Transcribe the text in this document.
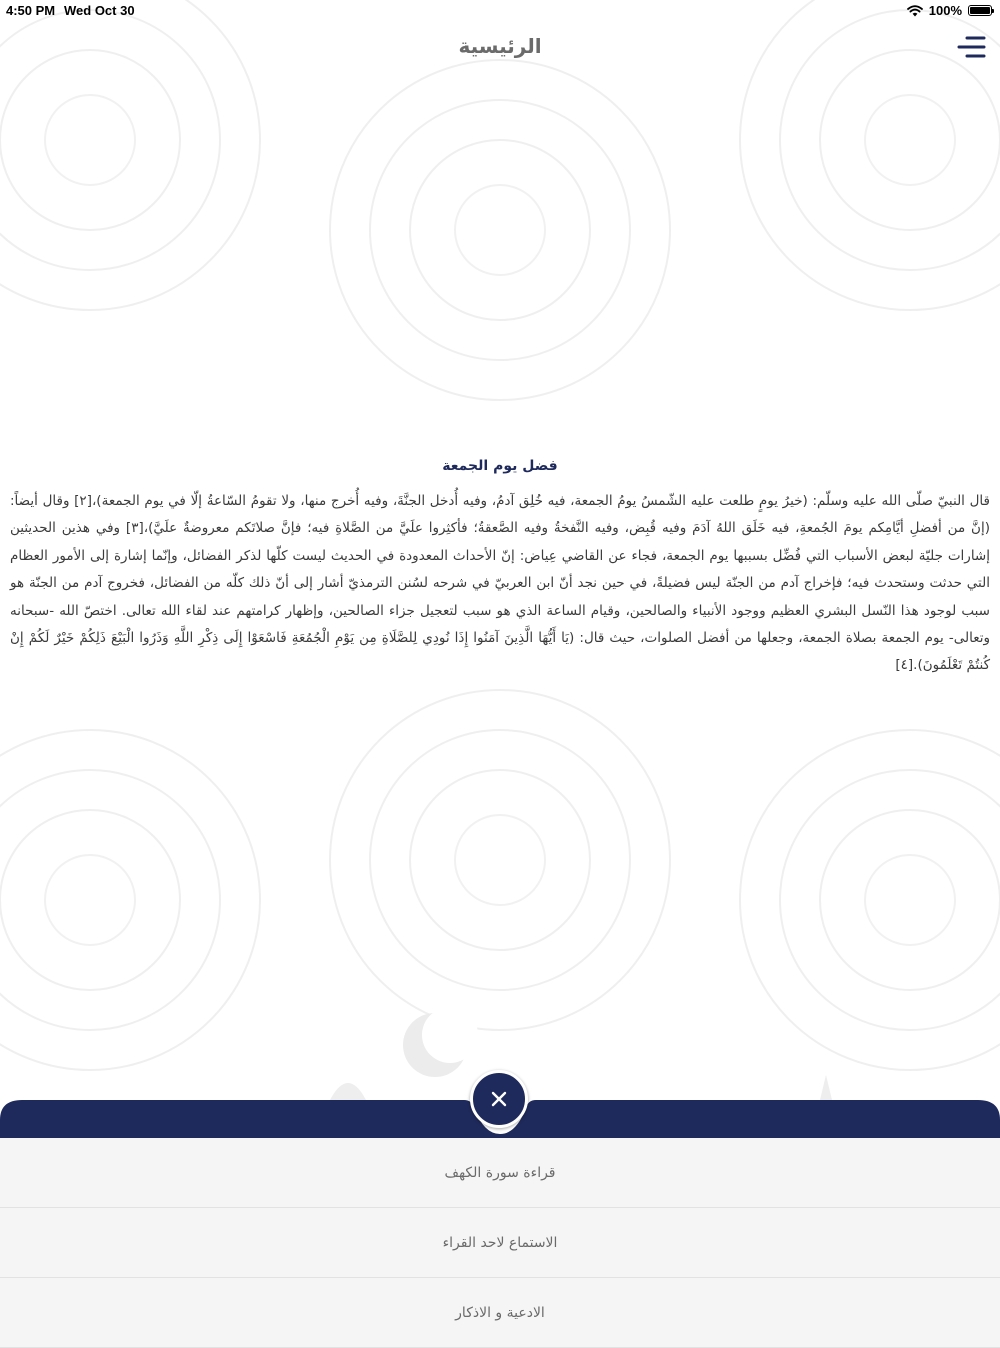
4:50 PM Wed Oct 30	100%
الرئيسية
فضل يوم الجمعة

قال النبيّ صلّى الله عليه وسلّم: (خيرُ يومٍ طلعت عليه الشّمسُ يومُ الجمعة، فيه خُلِق آدمُ، وفيه أُدخل الجنَّةَ، وفيه أُخرج منها، ولا تقومُ السّاعةُ إلّا في يوم الجمعة)،[٢] وقال أيضاً: (إنَّ من أفضلِ أيَّامِكم يومَ الجُمعةِ، فيه خَلَق اللهُ آدَمَ وفيه قُبِض، وفيه النَّفخةُ وفيه الصَّعقةُ؛ فأكثِروا علَيَّ من الصَّلاةِ فيه؛ فإنَّ صلاتَكم معروضةٌ علَيَّ)،[٣] وفي هذين الحديثين إشارات جليّة لبعض الأسباب التي فُضِّل بسببها يوم الجمعة، فجاء عن القاضي عِياض: إنّ الأحداث المعدودة في الحديث ليست كلّها لذكر الفضائل، وإنّما إشارة إلى الأمور العظام التي حدثت وستحدث فيه؛ فإخراج آدم من الجنّة ليس فضيلةً، في حين نجد أنّ ابن العربيّ في شرحه لسُنن الترمذيّ أشار إلى أنّ ذلك كلّه من الفضائل، فخروج آدم من الجنّة هو سبب لوجود هذا النّسل البشري العظيم ووجود الأنبياء والصالحين، وقيام الساعة الذي هو سبب لتعجيل جزاء الصالحين، وإظهار كرامتهم عند لقاء الله تعالى. اختصّ الله -سبحانه وتعالى- يوم الجمعة بصلاة الجمعة، وجعلها من أفضل الصلوات، حيث قال: (يَا أَيُّهَا الَّذِينَ آمَنُوا إِذَا نُودِي لِلصَّلَاةِ مِن يَوْمِ الْجُمُعَةِ فَاسْعَوْا إِلَى ذِكْرِ اللَّهِ وَذَرُوا الْبَيْعَ ذَلِكُمْ خَيْرٌ لَكُمْ إِنْ كُنتُمْ تَعْلَمُونَ).[٤]

قراءة سورة الكهف
الاستماع لاحد القراء
الادعية و الاذكار
